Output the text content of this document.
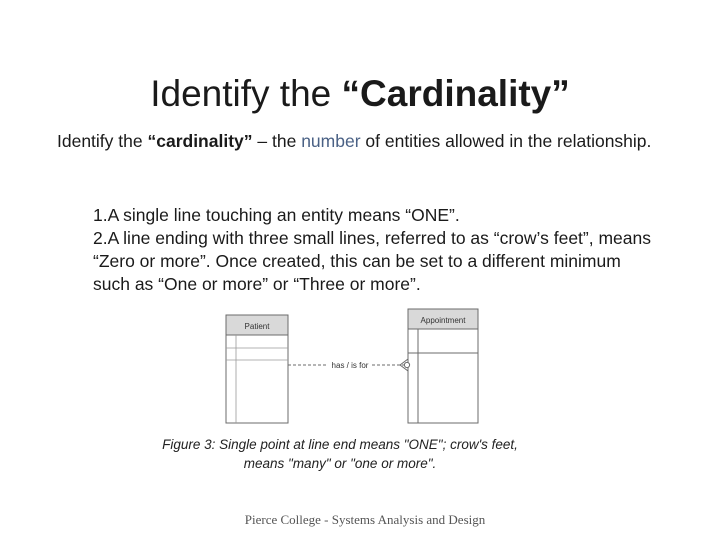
Identify the “Cardinality”
Identify the “cardinality” – the number of entities allowed in the relationship.
1.A single line touching an entity means “ONE”.
2.A line ending with three small lines, referred to as “crow’s feet”, means “Zero or more”. Once created, this can be set to a different minimum such as “One or more” or “Three or more”.
Patient
Appointment
has / is for
Figure 3: Single point at line end means "ONE"; crow's feet, means "many" or "one or more".
Pierce College - Systems Analysis and Design
